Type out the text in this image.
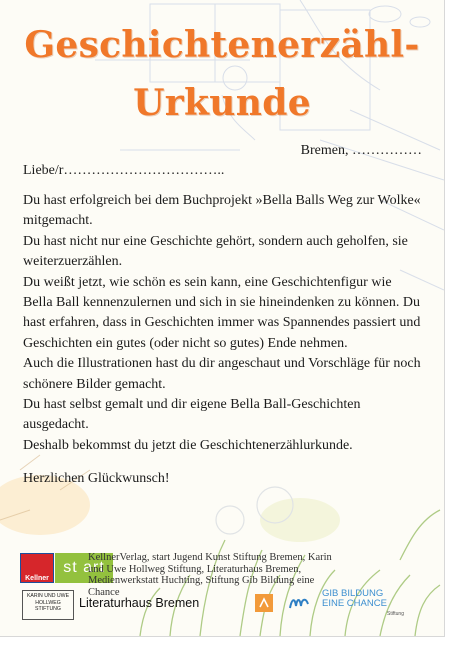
Geschichtenerzähl-
Urkunde
Bremen, ……………
Liebe/r……………………………..

Du hast erfolgreich bei dem Buchprojekt »Bella Balls Weg zur Wolke« mitgemacht.

Du hast nicht nur eine Geschichte gehört, sondern auch geholfen, sie weiterzuerzählen.

Du weißt jetzt, wie schön es sein kann, eine Geschichtenfigur wie Bella Ball kennenzulernen und sich in sie hineindenken zu können. Du hast erfahren, dass in Geschichten immer was Spannendes passiert und Geschichten ein gutes (oder nicht so gutes) Ende nehmen.

Auch die Illustrationen hast du dir angeschaut und Vorschläge für noch schönere Bilder gemacht.

Du hast selbst gemalt und dir eigene Bella Ball-Geschichten ausgedacht.

Deshalb bekommst du jetzt die Geschichtenerzählurkunde.

Herzlichen Glückwunsch!
Kellner
st art
KellnerVerlag, start Jugend Kunst Stiftung Bremen, Karin und Uwe Hollweg Stiftung, Literaturhaus Bremen, Medienwerkstatt Huchting, Stiftung Gib Bildung eine Chance
KARIN UND UWE HOLLWEG STIFTUNG	Literaturhaus Bremen
GIB BILDUNG
EINE CHANCE
Stiftung
